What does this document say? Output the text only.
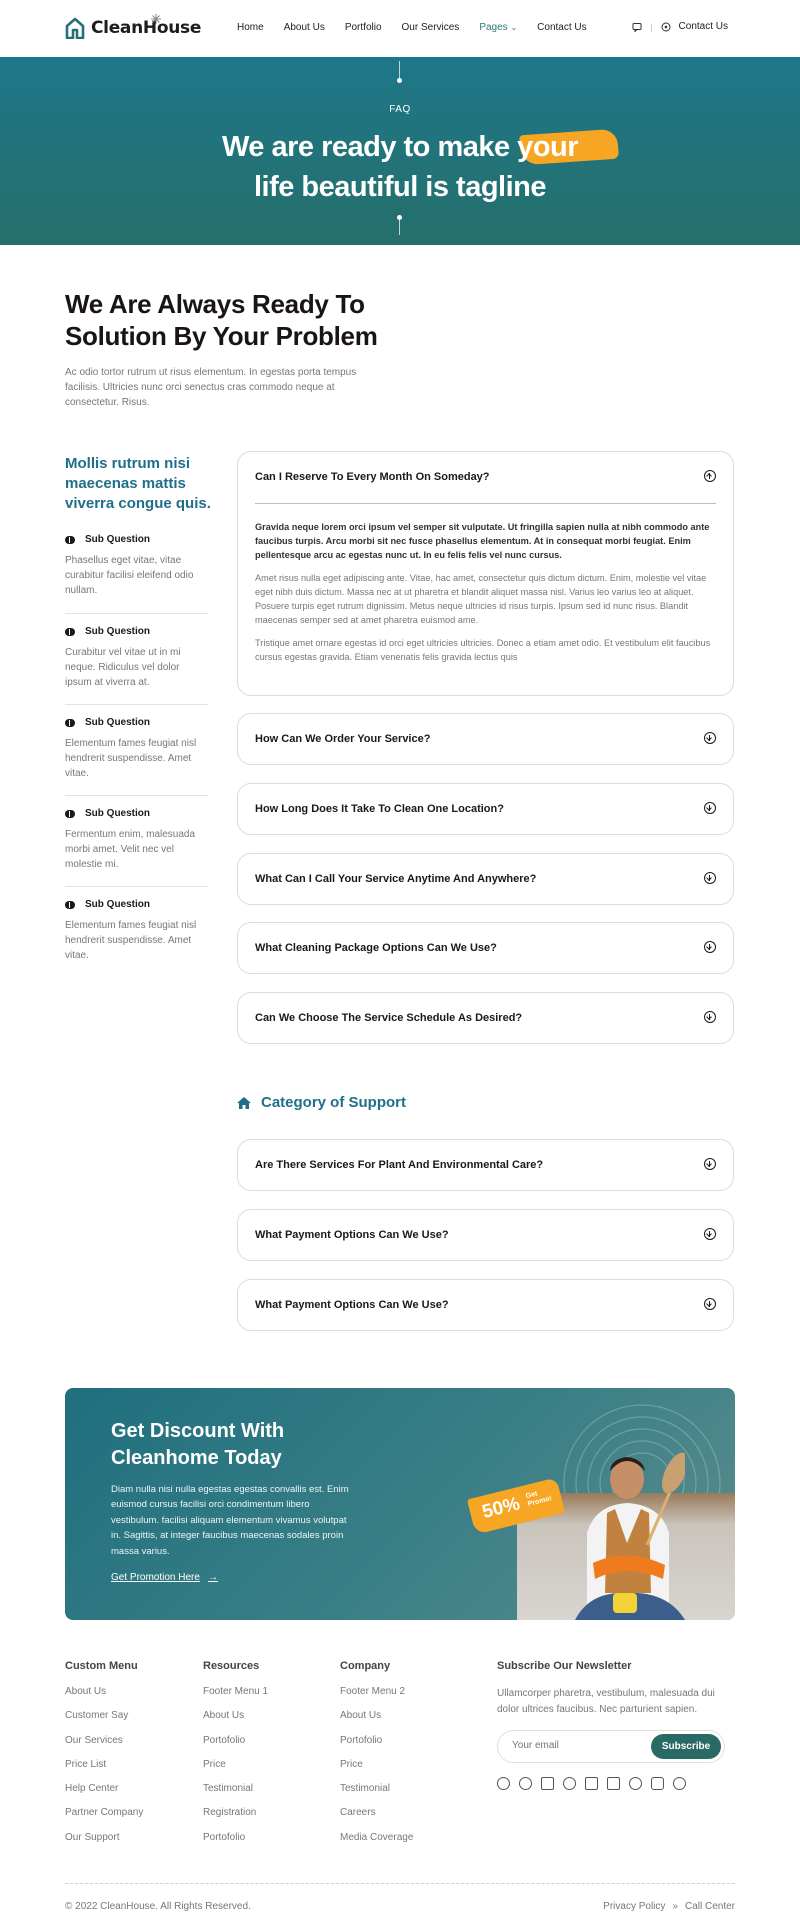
CleanHouse	Home About Us Portfolio Our Services Pages ⌄ Contact Us	|	Contact Us
FAQ
We are ready to make your
life beautiful is tagline
We Are Always Ready To Solution By Your Problem

Ac odio tortor rutrum ut risus elementum. In egestas porta tempus facilisis. Ultricies nunc orci senectus cras commodo neque at consectetur. Risus.

Mollis rutrum nisi maecenas mattis viverra congue quis.
Sub Question

Phasellus eget vitae, vitae curabitur facilisi eleifend odio nullam.

Sub Question

Curabitur vel vitae ut in mi neque. Ridiculus vel dolor ipsum at viverra at.

Sub Question

Elementum fames feugiat nisl hendrerit suspendisse. Amet vitae.

Sub Question

Fermentum enim, malesuada morbi amet. Velit nec vel molestie mi.

Sub Question

Elementum fames feugiat nisl hendrerit suspendisse. Amet vitae.

Can I Reserve To Every Month On Someday?

Gravida neque lorem orci ipsum vel semper sit vulputate. Ut fringilla sapien nulla at nibh commodo ante faucibus turpis. Arcu morbi sit nec fusce phasellus elementum. At in consequat morbi feugiat. Enim pellentesque arcu ac egestas nunc ut. In eu felis felis vel nunc cursus.

Amet risus nulla eget adipiscing ante. Vitae, hac amet, consectetur quis dictum dictum. Enim, molestie vel vitae eget nibh duis dictum. Massa nec at ut pharetra et blandit aliquet massa nisl. Varius leo varius leo at aliquet. Posuere turpis eget rutrum dignissim. Metus neque ultricies id risus turpis. Ipsum sed id nunc risus. Blandit maecenas semper sed at amet pharetra euismod ame.

Tristique amet ornare egestas id orci eget ultricies ultricies. Donec a etiam amet odio. Et vestibulum elit faucibus cursus egestas gravida. Etiam venenatis felis gravida lectus quis

How Can We Order Your Service?
How Long Does It Take To Clean One Location?
What Can I Call Your Service Anytime And Anywhere?
What Cleaning Package Options Can We Use?
Can We Choose The Service Schedule As Desired?
Category of Support
Are There Services For Plant And Environmental Care?
What Payment Options Can We Use?
What Payment Options Can We Use?
Get Discount With Cleanhome Today
Diam nulla nisi nulla egestas egestas convallis est. Enim euismod cursus facilisi orci condimentum libero vestibulum. facilisi aliquam elementum vivamus volutpat in. Sagittis, at integer faucibus maecenas sodales proin massa varius.
Get Promotion Here →
50% Get Promo!
Custom Menu
About Us
Customer Say
Our Services
Price List
Help Center
Partner Company
Our Support
Resources
Footer Menu 1
About Us
Portofolio
Price
Testimonial
Registration
Portofolio
Company
Footer Menu 2
About Us
Portofolio
Price
Testimonial
Careers
Media Coverage
Subscribe Our Newsletter

Ullamcorper pharetra, vestibulum, malesuada dui dolor ultrices faucibus. Nec parturient sapien.

Your email
Subscribe
© 2022 CleanHouse. All Rights Reserved.	Privacy Policy » Call Center
